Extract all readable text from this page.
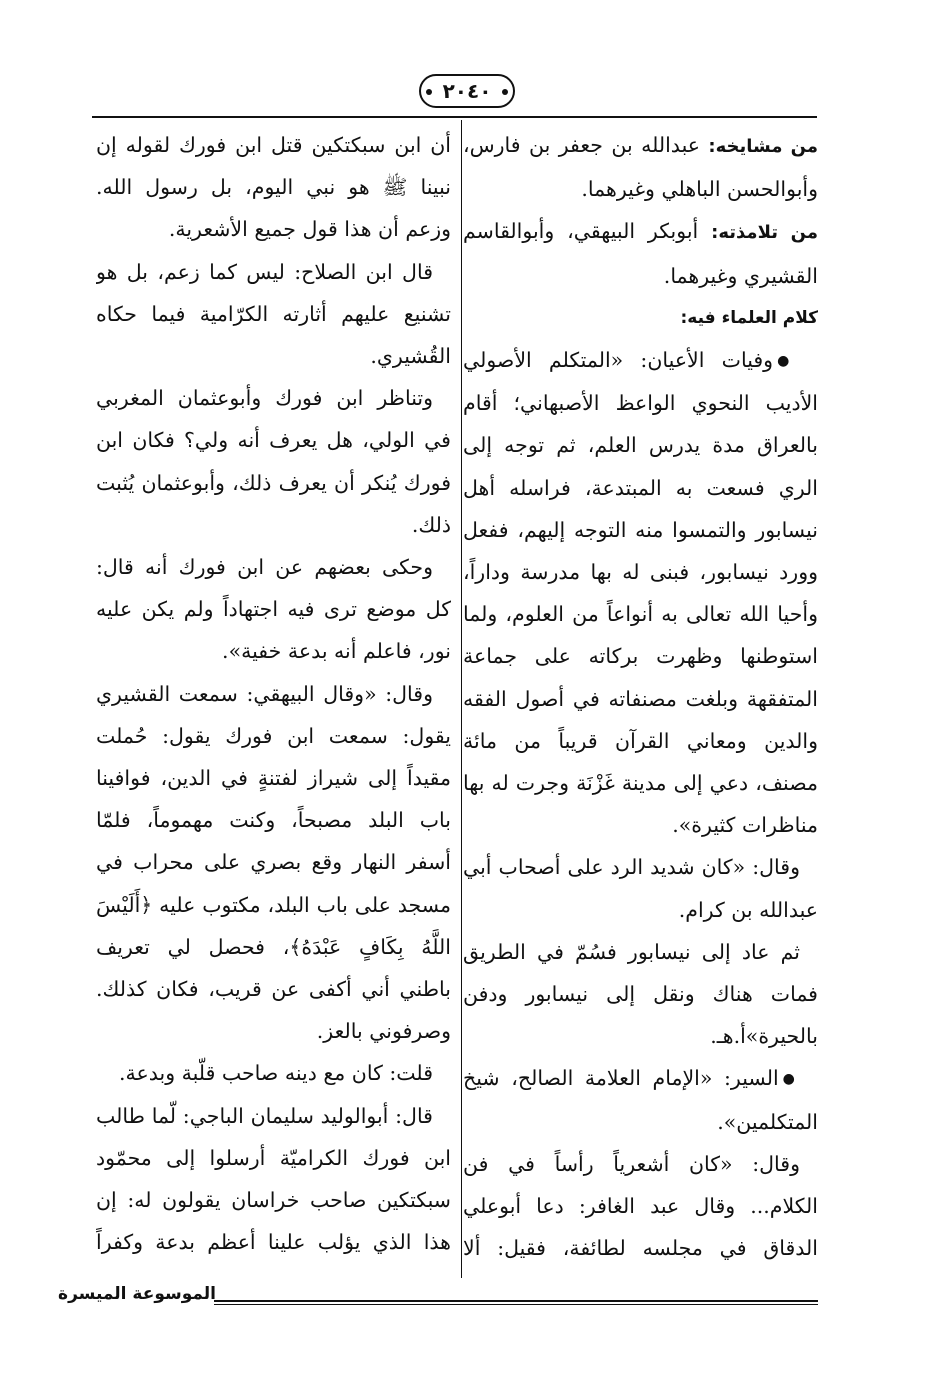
٢٠٤٠

من مشايخه: عبدالله بن جعفر بن فارس، وأبوالحسن الباهلي وغيرهما.

من تلامذته: أبوبكر البيهقي، وأبوالقاسم القشيري وغيرهما.

كلام العلماء فيه:

●وفيات الأعيان: «المتكلم الأصولي الأديب النحوي الواعظ الأصبهاني؛ أقام بالعراق مدة يدرس العلم، ثم توجه إلى الري فسعت به المبتدعة، فراسله أهل نيسابور والتمسوا منه التوجه إليهم، ففعل وورد نيسابور، فبنى له بها مدرسة وداراً، وأحيا الله تعالى به أنواعاً من العلوم، ولما استوطنها وظهرت بركاته على جماعة المتفقهة وبلغت مصنفاته في أصول الفقه والدين ومعاني القرآن قريباً من مائة مصنف، دعي إلى مدينة غَزْنَة وجرت له بها مناظرات كثيرة».

وقال: «كان شديد الرد على أصحاب أبي عبدالله بن كرام.

ثم عاد إلى نيسابور فسُمّ في الطريق فمات هناك ونقل إلى نيسابور ودفن بالحيرة»أ.هـ.

●السير: «الإمام العلامة الصالح، شيخ المتكلمين».

وقال: «كان أشعرياً رأساً في فن الكلام... وقال عبد الغافر: دعا أبوعلي الدقاق في مجلسه لطائفة، فقيل: ألا

أن ابن سبكتكين قتل ابن فورك لقوله إن نبينا ﷺ هو نبي اليوم، بل رسول الله. وزعم أن هذا قول جميع الأشعرية.

قال ابن الصلاح: ليس كما زعم، بل هو تشنيع عليهم أثارته الكرّامية فيما حكاه القُشيري.

وتناظر ابن فورك وأبوعثمان المغربي في الولي، هل يعرف أنه ولي؟ فكان ابن فورك يُنكر أن يعرف ذلك، وأبوعثمان يُثبت ذلك.

وحكى بعضهم عن ابن فورك أنه قال: كل موضع ترى فيه اجتهاداً ولم يكن عليه نور، فاعلم أنه بدعة خفية».

وقال: «وقال البيهقي: سمعت القشيري يقول: سمعت ابن فورك يقول: حُملت مقيداً إلى شيراز لفتنةٍ في الدين، فوافينا باب البلد مصبحاً، وكنت مهموماً، فلمّا أسفر النهار وقع بصري على محراب في مسجد على باب البلد، مكتوب عليه ﴿أَلَيْسَ اللَّهُ بِكَافٍ عَبْدَهُ﴾، فحصل لي تعريف باطني أني أكفى عن قريب، فكان كذلك. وصرفوني بالعز.

قلت: كان مع دينه صاحب قلّبة وبدعة.

قال: أبوالوليد سليمان الباجي: لّما طالب ابن فورك الكراميّة أرسلوا إلى محمّود سبكتكين صاحب خراسان يقولون له: إن هذا الذي يؤلب علينا أعظم بدعة وكفراً

الموسوعة الميسرة
